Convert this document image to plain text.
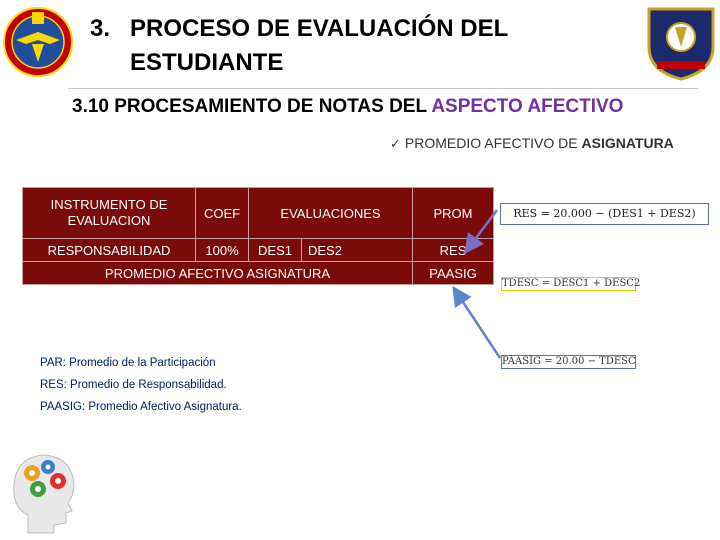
3. PROCESO DE EVALUACIÓN DEL
ESTUDIANTE
3.10 PROCESAMIENTO DE NOTAS DEL ASPECTO AFECTIVO
✓ PROMEDIO AFECTIVO DE ASIGNATURA
INSTRUMENTO DE EVALUACION	COEF	EVALUACIONES		PROM
RESPONSABILIDAD	100%	DES1	DES2	RES
PROMEDIO AFECTIVO ASIGNATURA				PAASIG
RES = 20.000 − (DES1 + DES2)
TDESC = DESC1 + DESC2
PAASIG = 20.00 − TDESC
PAR: Promedio de la Participación
RES: Promedio de Responsabilidad.
PAASIG: Promedio Afectivo Asignatura.
